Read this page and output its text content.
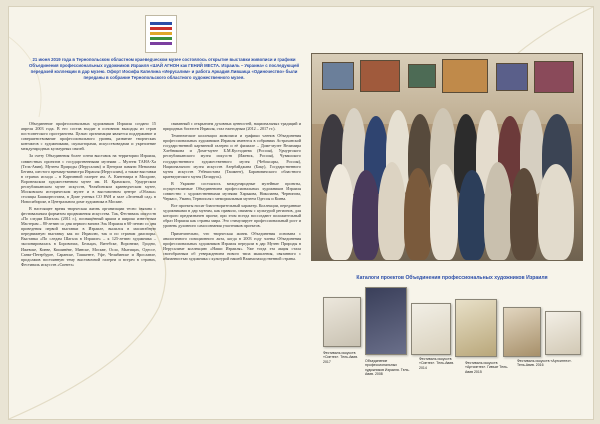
21 июня 2019 года в Тернопольском областном краеведческом музее состоялось открытие выставки живописи и графики Объединения профессиональных художников Израиля «ШАЙ АГНОН как ГЕНИЙ МЕСТА. Израиль – Украина» с последующей передачей коллекции в дар музею. Офорт Иосифа Капелина «Иерусалим» и работа Аркадия Лившица «Одиночество» были переданы в собрание Тернопольского областного художественного музея.

Объединение профессиональных художников Израиля создано 15 апреля 2003 года. В его состав входят в основном выходцы из стран постсоветского пространства. Целью организации является поддержание и совершенствование профессионального уровня, развитие творческих контактов с художниками, скульпторами, искусствоведами и укрепление международных культурных связей.

За счету Объединения более сотни выставок на территории Израиля, совместных проектов с государственными музеями – Музеем ТАНА-Ха (Тель-Авив), Музеем Природы (Иерусалим) и Центром памяти Менахема Бегина, шестого премьер-министра Израиля (Иерусалим), а также выставки в странах исхода – в Картинной галерее им. А. Кантемира в Молдове, Воронежском художественном музее им. И. Крамского, Удмуртском республиканском музее искусств, Челябинском краеведческом музее, Московском историческом музее и в выставочном центре «Облака» столицы Башкортостана, в Доме ученых СО РАН и зале «Зеленый сад» в Новосибирске, в Центральном доме художника в Москве.

В настоящее время творческая жизнь организации тесно связана с фестивальным форматом продвижения искусства. Так, Фестиваль искусств «По следам Шагала» (2011 г.), посвящённый ярким и широко известным Мастерам – 80-летию со дня первого визита Эль Израиля в 60-летию со дня проведения первой выставки в Израиле, вылился в масштабную передвижную выставку как по Израилю, так и по странам диаспоры. Выставка «По следам Шагала в Израиле» – к 125-летию художника – экспонировалась в Боровичах, Бельцах, Витебске, Воронеже, Гродно, Ижевске, Киеве, Кишинёве, Минске, Москве, Осло, Мытищах, Одессе, Санкт-Петербурге, Саранске, Ташкенте, Уфе, Челябинске и Ярославле, продолжив постоянную тему выставочной галереи и встреч в странах, Фестиваль искусств «Синтез»

связанный с открытием духовных ценностей, национальных традиций и природных богатств Израиля, стал ежегодным (2012 – 2017 гг.).

Тематические коллекции живописи и графики членов Объединения профессиональных художников Израиля имеются в собраниях Астраханской государственной картинной галереи и её филиале – Доме-музее Велимира Хлебникова и Доме-музее Б.М.Кустодиева (Россия), Удмуртского республиканского музея искусств (Ижевск, Россия), Чувашского государственного художественного музея (Чебоксары, Россия), Национального музея искусств Азербайджана (Баку), Государственного музея искусств Узбекистана (Ташкент), Барановичского областного краеведческого музея (Беларусь).

В Украине состоялось международные музейные проекты, осуществляемые Объединением профессиональных художников Израиля совместно с художественными музеями Харькова, Николаева, Чернигова, Черкасс, Умани, Тернополя с мемориальным музеем Одессы и Киева.

Все проекты носят благотворительный характер. Коллекции, переданные художниками в дар музеям, как правило, связаны с культурой регионов, для которого предназначен проект, при этом всегда воссоздают положительный образ Израиля как страны мира. Это стимулирует профессиональный рост и уровень духовного самосознания участников проектов.

Примечательно, что творческая жизнь Объединения основана с аналогичного позиционного акта, когда в 2003 году члены Объединения профессиональных художников Израиля передали в дар Музею Природы в Иерусалиме коллекцию «Наши Израиля». Уже тогда эта акция стала своеобразным об утверждением нового типа мышления, связанного с обязанностью художника с культурой нашей Взаимозаходственной страны.

Каталоги проектов Объединения профессиональных художников Израиля
Фестиваль искусств «Синтез». Тель-Авив. 2017	Объединение профессиональных художников Израиля. Тель-Авив. 2008
Фестиваль искусств «Синтез». Тель-Авив. 2014
Фестиваль искусств «Артсинтез». Гивъат Тель-Авив 2015
Фестиваль искусств «Артсинтез». Тель-Авив. 2016
